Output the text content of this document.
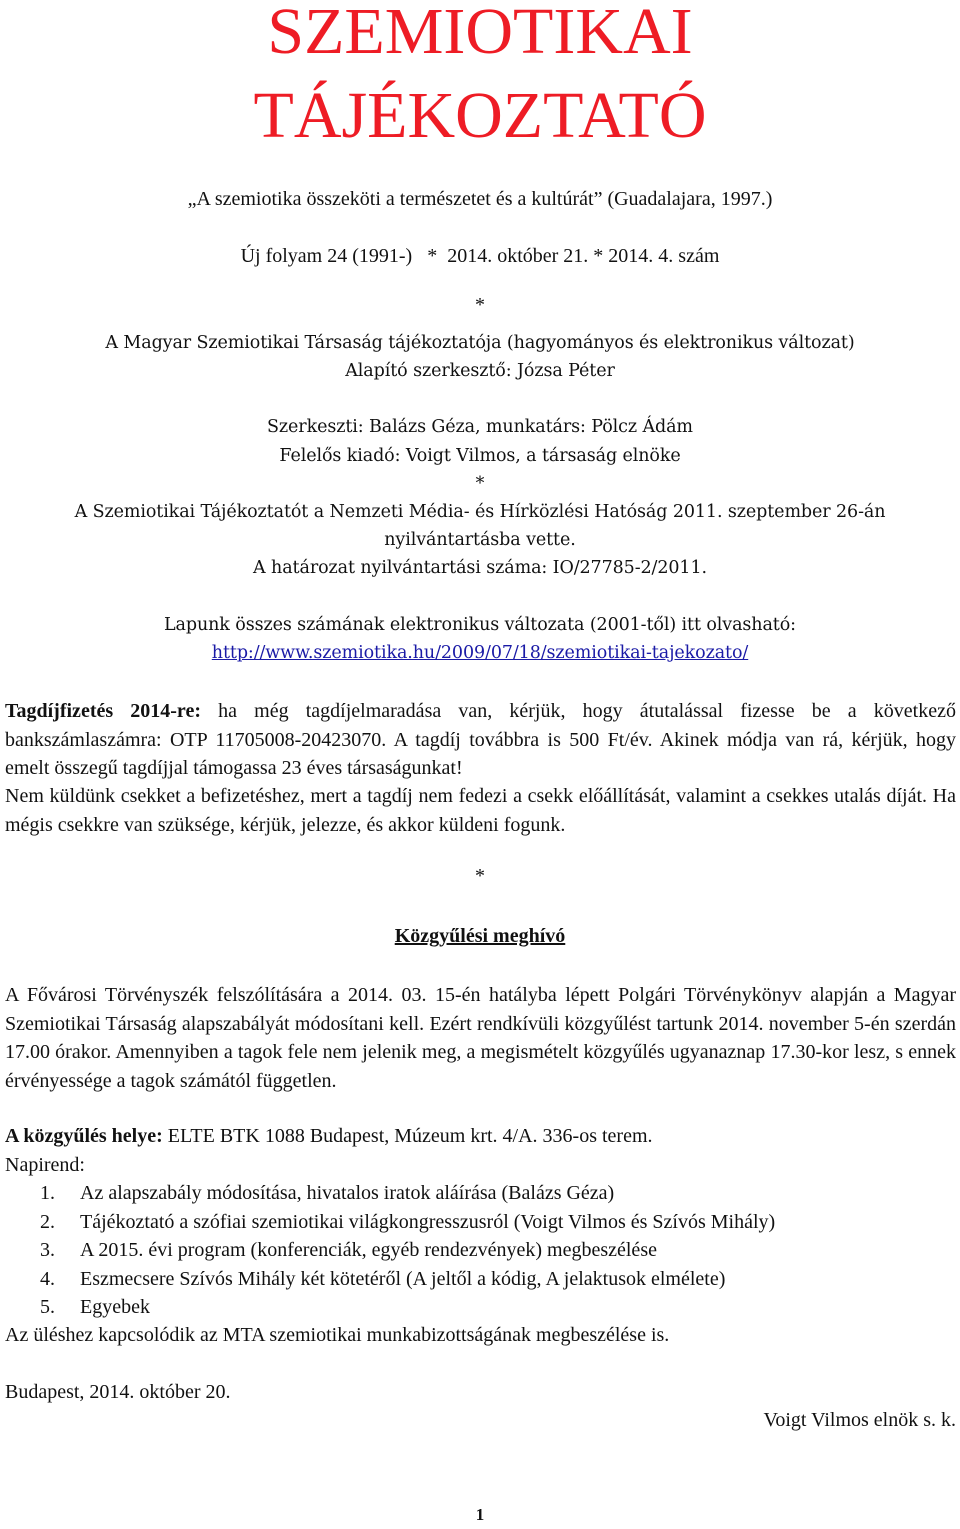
SZEMIOTIKAI
TÁJÉKOZTATÓ
„A szemiotika összeköti a természetet és a kultúrát” (Guadalajara, 1997.)
Új folyam 24 (1991-)   *  2014. október 21. * 2014. 4. szám
*
A Magyar Szemiotikai Társaság tájékoztatója (hagyományos és elektronikus változat)
Alapító szerkesztő: Józsa Péter
Szerkeszti: Balázs Géza, munkatárs: Pölcz Ádám
Felelős kiadó: Voigt Vilmos, a társaság elnöke
*
A Szemiotikai Tájékoztatót a Nemzeti Média- és Hírközlési Hatóság 2011. szeptember 26-án
nyilvántartásba vette.
A határozat nyilvántartási száma: IO/27785-2/2011.
Lapunk összes számának elektronikus változata (2001-től) itt olvasható:
http://www.szemiotika.hu/2009/07/18/szemiotikai-tajekozato/

Tagdíjfizetés 2014-re: ha még tagdíjelmaradása van, kérjük, hogy átutalással fizesse be a következő bankszámlaszámra: OTP 11705008-20423070. A tagdíj továbbra is 500 Ft/év. Akinek módja van rá, kérjük, hogy emelt összegű tagdíjjal támogassa 23 éves társaságunkat!

Nem küldünk csekket a befizetéshez, mert a tagdíj nem fedezi a csekk előállítását, valamint a csekkes utalás díját. Ha mégis csekkre van szüksége, kérjük, jelezze, és akkor küldeni fogunk.

*
Közgyűlési meghívó

A Fővárosi Törvényszék felszólítására a 2014. 03. 15-én hatályba lépett Polgári Törvénykönyv alapján a Magyar Szemiotikai Társaság alapszabályát módosítani kell. Ezért rendkívüli közgyűlést tartunk 2014. november 5-én szerdán 17.00 órakor. Amennyiben a tagok fele nem jelenik meg, a megismételt közgyűlés ugyanaznap 17.30-kor lesz, s ennek érvényessége a tagok számától független.

A közgyűlés helye: ELTE BTK 1088 Budapest, Múzeum krt. 4/A. 336-os terem.
Napirend:
1. Az alapszabály módosítása, hivatalos iratok aláírása (Balázs Géza)
2. Tájékoztató a szófiai szemiotikai világkongresszusról (Voigt Vilmos és Szívós Mihály)
3. A 2015. évi program (konferenciák, egyéb rendezvények) megbeszélése
4. Eszmecsere Szívós Mihály két kötetéről (A jeltől a kódig, A jelaktusok elmélete)
5. Egyebek
Az üléshez kapcsolódik az MTA szemiotikai munkabizottságának megbeszélése is.
Budapest, 2014. október 20.
Voigt Vilmos elnök s. k.
1
